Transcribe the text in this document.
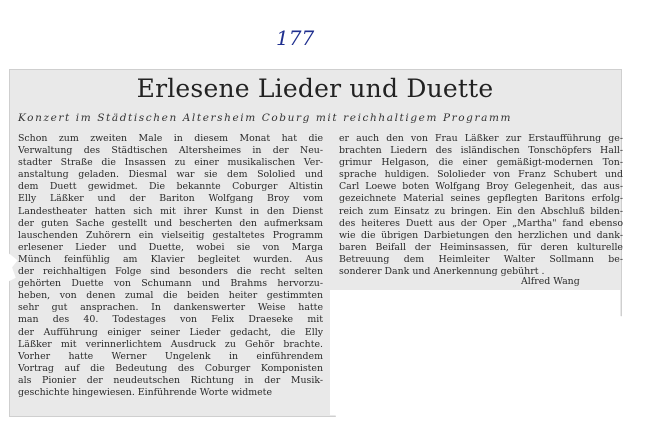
177
Erlesene Lieder und Duette
Konzert im Städtischen Altersheim Coburg mit reichhaltigem Programm
Schon zum zweiten Male in diesem Monat hat die
Verwaltung des Städtischen Altersheimes in der Neu-
stadter Straße die Insassen zu einer musikalischen Ver-
anstaltung geladen. Diesmal war sie dem Sololied und
dem Duett gewidmet. Die bekannte Coburger Altistin
Elly Läßker und der Bariton Wolfgang Broy vom
Landestheater hatten sich mit ihrer Kunst in den Dienst
der guten Sache gestellt und bescherten den aufmerksam
lauschenden Zuhörern ein vielseitig gestaltetes Programm
erlesener Lieder und Duette, wobei sie von Marga
Münch feinfühlig am Klavier begleitet wurden. Aus
der reichhaltigen Folge sind besonders die recht selten
gehörten Duette von Schumann und Brahms hervorzu-
heben, von denen zumal die beiden heiter gestimmten
sehr gut ansprachen. In dankenswerter Weise hatte
man des 40. Todestages von Felix Draeseke mit
der Aufführung einiger seiner Lieder gedacht, die Elly
Läßker mit verinnerlichtem Ausdruck zu Gehör brachte.
Vorher hatte Werner Ungelenk in einführendem
Vortrag auf die Bedeutung des Coburger Komponisten
als Pionier der neudeutschen Richtung in der Musik-
geschichte hingewiesen. Einführende Worte widmete
er auch den von Frau Läßker zur Erstaufführung ge-
brachten Liedern des isländischen Tonschöpfers Hall-
grimur Helgason, die einer gemäßigt-modernen Ton-
sprache huldigen. Sololieder von Franz Schubert und
Carl Loewe boten Wolfgang Broy Gelegenheit, das aus-
gezeichnete Material seines gepflegten Baritons erfolg-
reich zum Einsatz zu bringen. Ein den Abschluß bilden-
des heiteres Duett aus der Oper „Martha" fand ebenso
wie die übrigen Darbietungen den herzlichen und dank-
baren Beifall der Heiminsassen, für deren kulturelle
Betreuung dem Heimleiter Walter Sollmann be-
sonderer Dank und Anerkennung gebührt .
Alfred Wang
